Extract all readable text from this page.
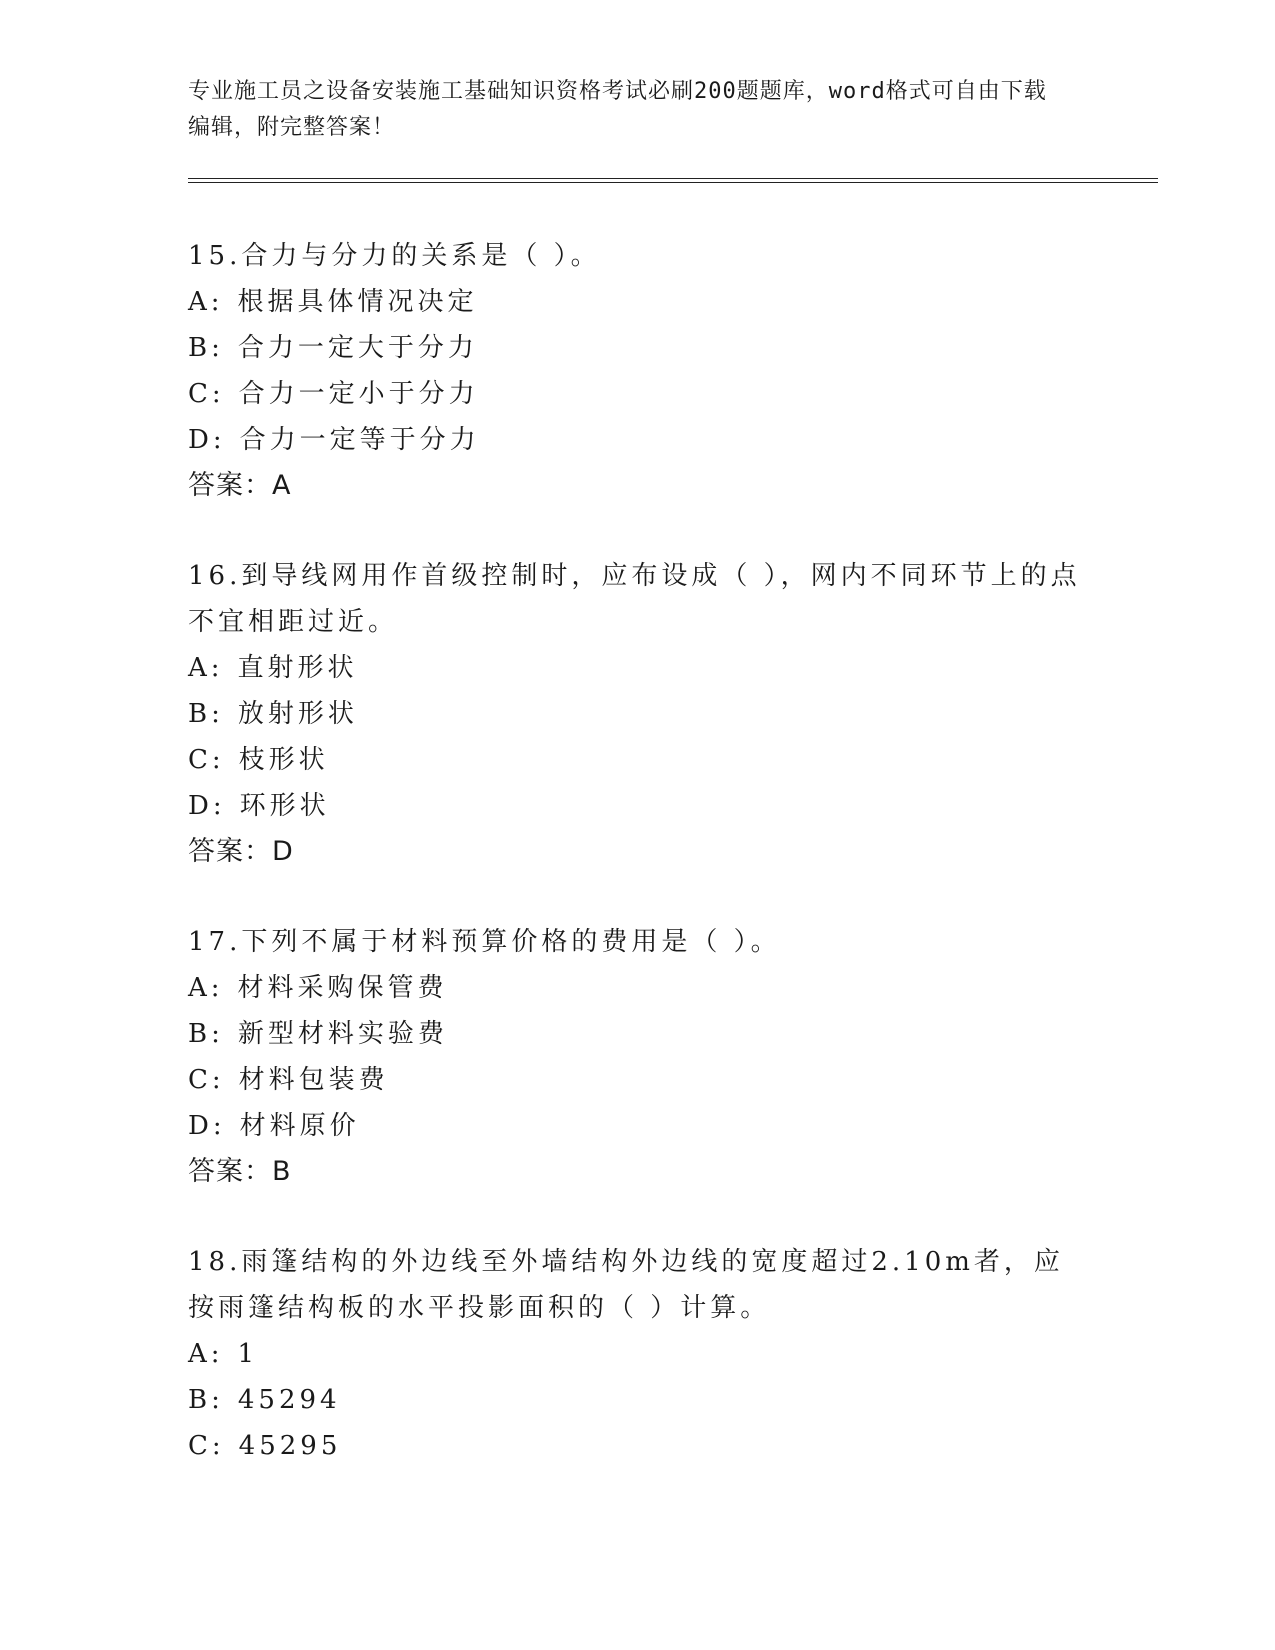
专业施工员之设备安装施工基础知识资格考试必刷200题题库，word格式可自由下载编辑，附完整答案！
15.合力与分力的关系是（ ）。
A: 根据具体情况决定
B: 合力一定大于分力
C: 合力一定小于分力
D: 合力一定等于分力
答案：A
16.到导线网用作首级控制时，应布设成（ ），网内不同环节上的点不宜相距过近。
A: 直射形状
B: 放射形状
C: 枝形状
D: 环形状
答案：D
17.下列不属于材料预算价格的费用是（ ）。
A: 材料采购保管费
B: 新型材料实验费
C: 材料包装费
D: 材料原价
答案：B
18.雨篷结构的外边线至外墙结构外边线的宽度超过2.10m者，应按雨篷结构板的水平投影面积的（ ）计算。
A: 1
B: 45294
C: 45295
